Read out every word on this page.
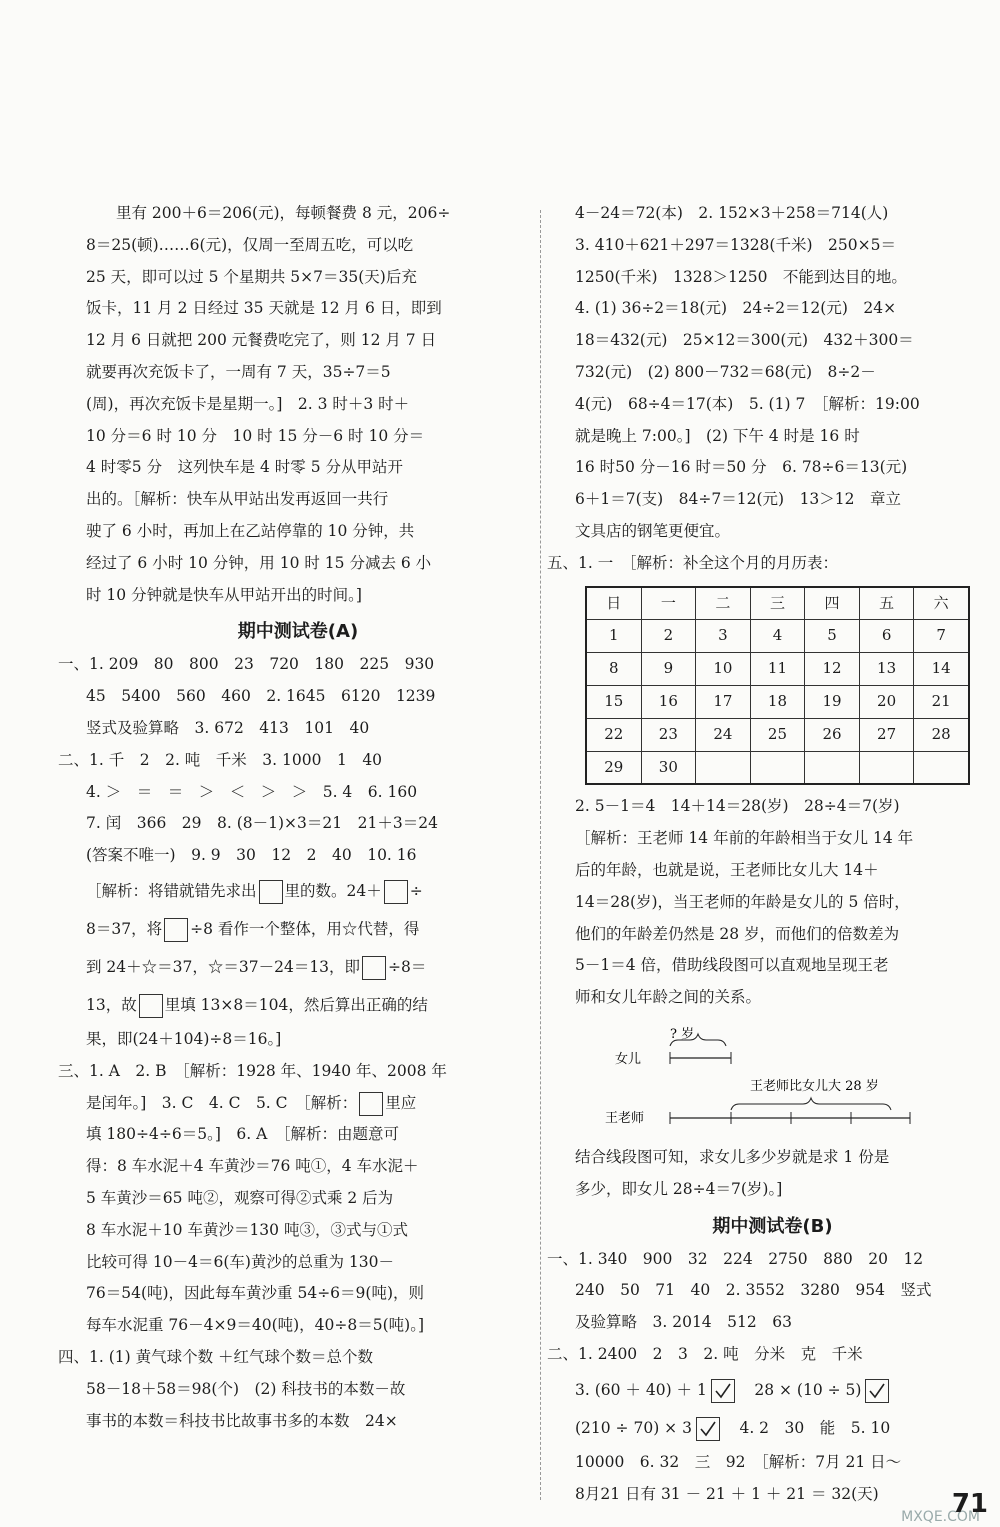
里有 200＋6＝206(元)，每顿餐费 8 元，206÷
8＝25(顿)……6(元)，仅周一至周五吃，可以吃
25 天，即可以过 5 个星期共 5×7＝35(天)后充
饭卡，11 月 2 日经过 35 天就是 12 月 6 日，即到
12 月 6 日就把 200 元餐费吃完了，则 12 月 7 日
就要再次充饭卡了，一周有 7 天，35÷7＝5
(周)，再次充饭卡是星期一。]　2. 3 时＋3 时＋
10 分＝6 时 10 分　10 时 15 分－6 时 10 分＝
4 时零5 分　这列快车是 4 时零 5 分从甲站开
出的。［解析：快车从甲站出发再返回一共行
驶了 6 小时，再加上在乙站停靠的 10 分钟，共
经过了 6 小时 10 分钟，用 10 时 15 分减去 6 小
时 10 分钟就是快车从甲站开出的时间。]
期中测试卷(A)
一、1. 209　80　800　23　720　180　225　930
45　5400　560　460　2. 1645　6120　1239
竖式及验算略　3. 672　413　101　40
二、1. 千　2　2. 吨　千米　3. 1000　1　40
4. ＞　＝　＝　＞　＜　＞　＞　5. 4　6. 160
7. 闰　366　29　8. (8－1)×3＝21　21＋3＝24
(答案不唯一)　9. 9　30　12　2　40　10. 16
［解析：将错就错先求出 里的数。24＋ ÷
8＝37，将 ÷8 看作一个整体，用☆代替，得
到 24＋☆＝37，☆＝37－24＝13，即 ÷8＝
13，故 里填 13×8＝104，然后算出正确的结
果，即(24＋104)÷8＝16。]
三、1. A　2. B　［解析：1928 年、1940 年、2008 年
是闰年。]　3. C　4. C　5. C　［解析： 里应
填 180÷4÷6＝5。]　6. A　［解析：由题意可
得：8 车水泥＋4 车黄沙＝76 吨①，4 车水泥＋
5 车黄沙＝65 吨②，观察可得②式乘 2 后为
8 车水泥＋10 车黄沙＝130 吨③，③式与①式
比较可得 10－4＝6(车)黄沙的总重为 130－
76＝54(吨)，因此每车黄沙重 54÷6＝9(吨)，则
每车水泥重 76－4×9＝40(吨)，40÷8＝5(吨)。]
四、1. (1) 黄气球个数 ＋红气球个数＝总个数
58－18＋58＝98(个)　(2) 科技书的本数－故
事书的本数＝科技书比故事书多的本数　24×
4－24＝72(本)　2. 152×3＋258＝714(人)
3. 410＋621＋297＝1328(千米)　250×5＝
1250(千米)　1328＞1250　不能到达目的地。
4. (1) 36÷2＝18(元)　24÷2＝12(元)　24×
18＝432(元)　25×12＝300(元)　432＋300＝
732(元)　(2) 800－732＝68(元)　8÷2－
4(元)　68÷4＝17(本)　5. (1) 7　［解析：19:00
就是晚上 7:00。]　(2) 下午 4 时是 16 时
16 时50 分－16 时＝50 分　6. 78÷6＝13(元)
6＋1＝7(支)　84÷7＝12(元)　13＞12　章立
文具店的钢笔更便宜。
五、1. 一　［解析：补全这个月的月历表：
日	一	二	三	四	五	六
1	2	3	4	5	6	7
8	9	10	11	12	13	14
15	16	17	18	19	20	21
22	23	24	25	26	27	28
29	30					
2. 5－1＝4　14＋14＝28(岁)　28÷4＝7(岁)
［解析：王老师 14 年前的年龄相当于女儿 14 年
后的年龄，也就是说，王老师比女儿大 14＋
14＝28(岁)，当王老师的年龄是女儿的 5 倍时，
他们的年龄差仍然是 28 岁，而他们的倍数差为
5－1＝4 倍，借助线段图可以直观地呈现王老
师和女儿年龄之间的关系。
? 岁
女儿
王老师比女儿大 28 岁
王老师
结合线段图可知，求女儿多少岁就是求 1 份是
多少，即女儿 28÷4＝7(岁)。]
期中测试卷(B)
一、1. 340　900　32　224　2750　880　20　12
240　50　71　40　2. 3552　3280　954　竖式
及验算略　3. 2014　512　63
二、1. 2400　2　3　2. 吨　分米　克　千米
3. (60 ＋ 40) ＋ 1
　	28 × (10 ÷ 5)
(210 ÷ 70) × 3
　	4. 2　30　能　5. 10
10000　6. 32　三　92　［解析：7月 21 日～
8月21 日有 31 － 21 ＋ 1 ＋ 21 ＝ 32(天)
MXQE.COM
71
